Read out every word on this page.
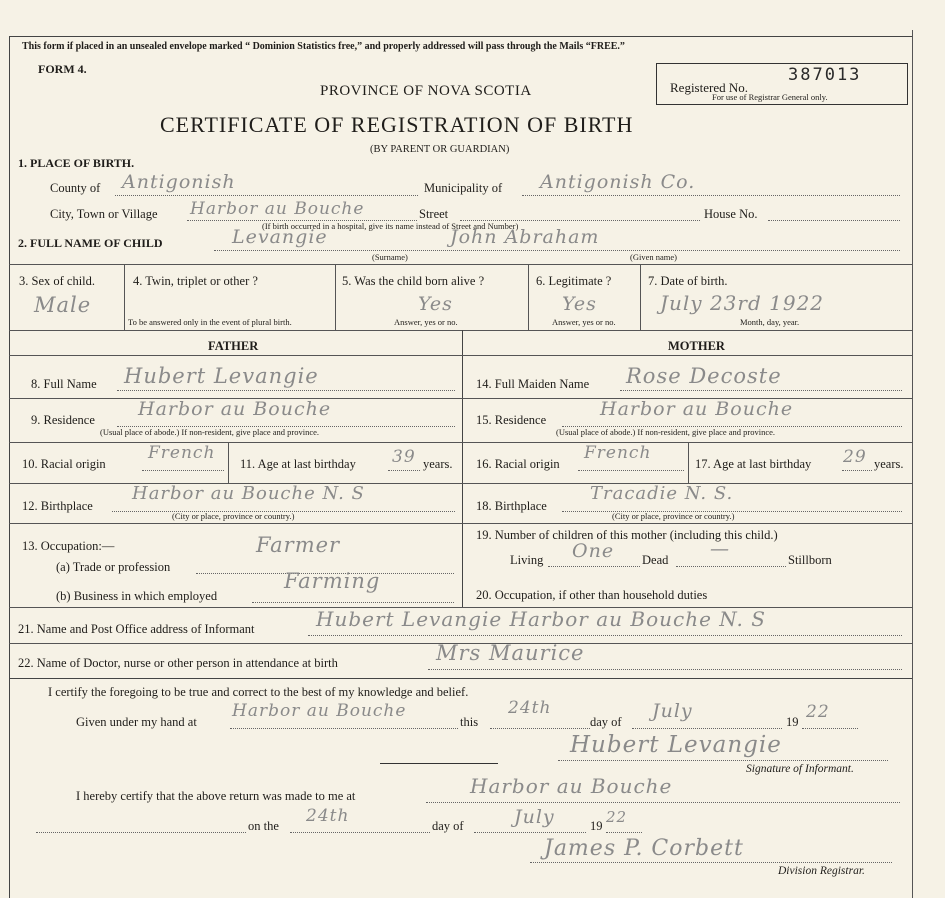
This form if placed in an unsealed envelope marked “ Dominion Statistics free,” and properly addressed will pass through the Mails “FREE.”
FORM 4.
PROVINCE OF NOVA SCOTIA
CERTIFICATE OF REGISTRATION OF BIRTH
(BY PARENT OR GUARDIAN)
Registered No.
387013
For use of Registrar General only.
1. PLACE OF BIRTH.
County of Antigonish	Municipality of Antigonish Co.
City, Town or Village Harbor au Bouche	Street	House No.
(If birth occurred in a hospital, give its name instead of Street and Number)
2. FULL NAME OF CHILD	Levangie	John Abraham
(Surname)	(Given name)
3. Sex of child.
Male
4. Twin, triplet or other ?
To be answered only in the event of plural birth.
5. Was the child born alive ?
Yes
Answer, yes or no.
6. Legitimate ?
Yes
Answer, yes or no.
7. Date of birth.
July 23rd 1922
Month, day, year.
FATHER	MOTHER
8. Full Name Hubert Levangie
9. Residence Harbor au Bouche
(Usual place of abode.) If non-resident, give place and province.
10. Racial origin
French
11. Age at last birthday 39 years.
12. Birthplace
Harbor au Bouche N. S
(City or place, province or country.)
13. Occupation:—
(a) Trade or profession
Farmer
(b) Business in which employed
Farming
14. Full Maiden Name Rose Decoste
15. Residence	Harbor au Bouche
(Usual place of abode.) If non-resident, give place and province.
16. Racial origin
French
17. Age at last birthday 29 years.
18. Birthplace
Tracadie N. S.
(City or place, province or country.)
19. Number of children of this mother (including this child.)
Living One Dead —	Stillborn
20. Occupation, if other than household duties
21. Name and Post Office address of Informant	Hubert Levangie Harbor au Bouche N. S
22. Name of Doctor, nurse or other person in attendance at birth	Mrs Maurice
I certify the foregoing to be true and correct to the best of my knowledge and belief.
Given under my hand at
Harbor au Bouche
this
24th
day of July	19 22
Hubert Levangie
Signature of Informant.
I hereby certify that the above return was made to me at	Harbor au Bouche
on the 24th	day of	July	19 22
James P. Corbett
Division Registrar.
